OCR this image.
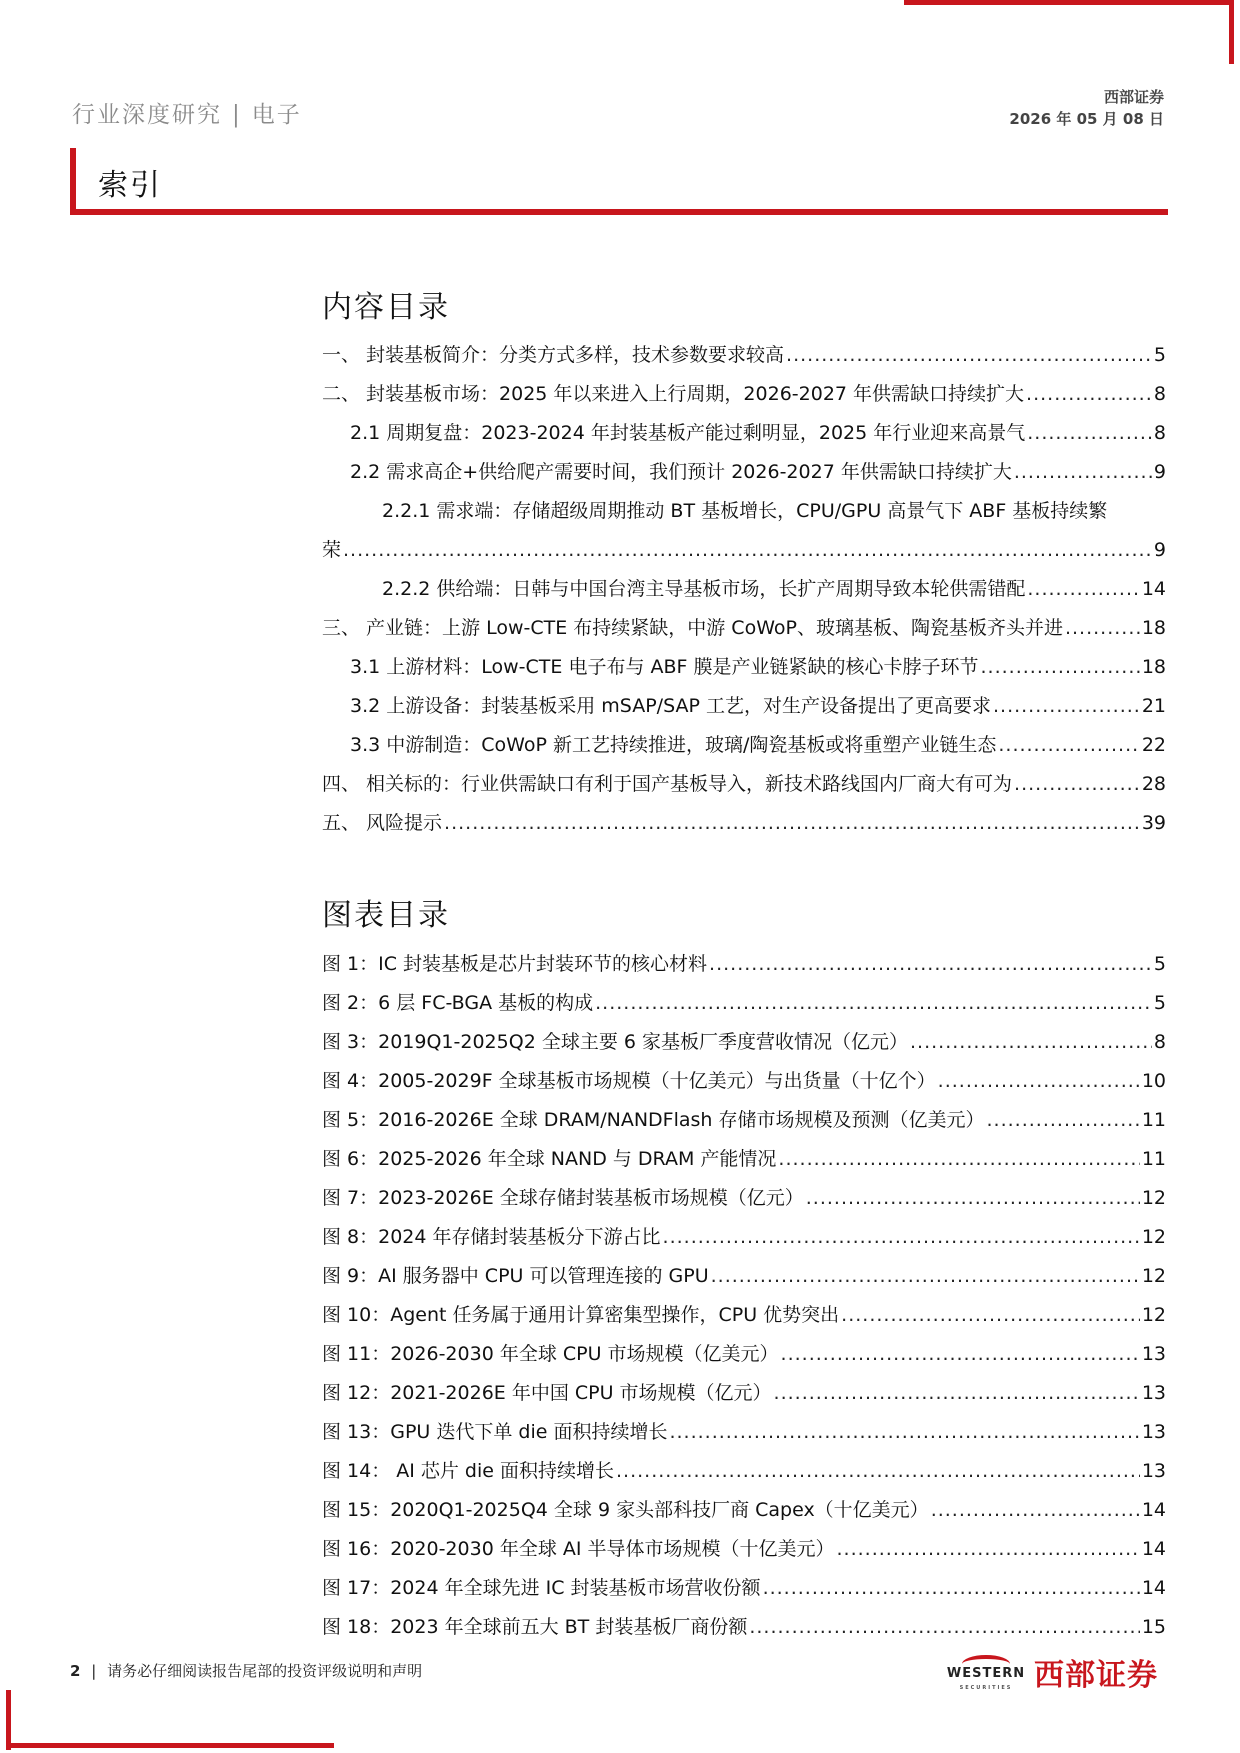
行业深度研究 | 电子
西部证券
2026 年 05 月 08 日
索引
内容目录
一、 封装基板简介：分类方式多样，技术参数要求较高 .....	5
二、 封装基板市场：2025 年以来进入上行周期，2026-2027 年供需缺口持续扩大 .....	8
2.1 周期复盘：2023-2024 年封装基板产能过剩明显，2025 年行业迎来高景气 .....	8
2.2 需求高企+供给爬产需要时间，我们预计 2026-2027 年供需缺口持续扩大 .....	9
2.2.1 需求端：存储超级周期推动 BT 基板增长，CPU/GPU 高景气下 ABF 基板持续繁
荣 .....	9
2.2.2 供给端：日韩与中国台湾主导基板市场，长扩产周期导致本轮供需错配 .....	14
三、 产业链：上游 Low-CTE 布持续紧缺，中游 CoWoP、玻璃基板、陶瓷基板齐头并进 .....	18
3.1 上游材料：Low-CTE 电子布与 ABF 膜是产业链紧缺的核心卡脖子环节 .....	18
3.2 上游设备：封装基板采用 mSAP/SAP 工艺，对生产设备提出了更高要求 .....	21
3.3 中游制造：CoWoP 新工艺持续推进，玻璃/陶瓷基板或将重塑产业链生态 .....	22
四、 相关标的：行业供需缺口有利于国产基板导入，新技术路线国内厂商大有可为 .....	28
五、 风险提示 .....	39
图表目录
图 1：IC 封装基板是芯片封装环节的核心材料 .....	5
图 2：6 层 FC-BGA 基板的构成 .....	5
图 3：2019Q1-2025Q2 全球主要 6 家基板厂季度营收情况（亿元） .....	8
图 4：2005-2029F 全球基板市场规模（十亿美元）与出货量（十亿个） .....	10
图 5：2016-2026E 全球 DRAM/NANDFlash 存储市场规模及预测（亿美元） .....	11
图 6：2025-2026 年全球 NAND 与 DRAM 产能情况 .....	11
图 7：2023-2026E 全球存储封装基板市场规模（亿元） .....	12
图 8：2024 年存储封装基板分下游占比 .....	12
图 9：AI 服务器中 CPU 可以管理连接的 GPU .....	12
图 10：Agent 任务属于通用计算密集型操作，CPU 优势突出 .....	12
图 11：2026-2030 年全球 CPU 市场规模（亿美元） .....	13
图 12：2021-2026E 年中国 CPU 市场规模（亿元） .....	13
图 13：GPU 迭代下单 die 面积持续增长 .....	13
图 14： AI 芯片 die 面积持续增长 .....	13
图 15：2020Q1-2025Q4 全球 9 家头部科技厂商 Capex（十亿美元） .....	14
图 16：2020-2030 年全球 AI 半导体市场规模（十亿美元） .....	14
图 17：2024 年全球先进 IC 封装基板市场营收份额 .....	14
图 18：2023 年全球前五大 BT 封装基板厂商份额 .....	15
2 | 请务必仔细阅读报告尾部的投资评级说明和声明	WESTERN
SECURITIES 西部证券
